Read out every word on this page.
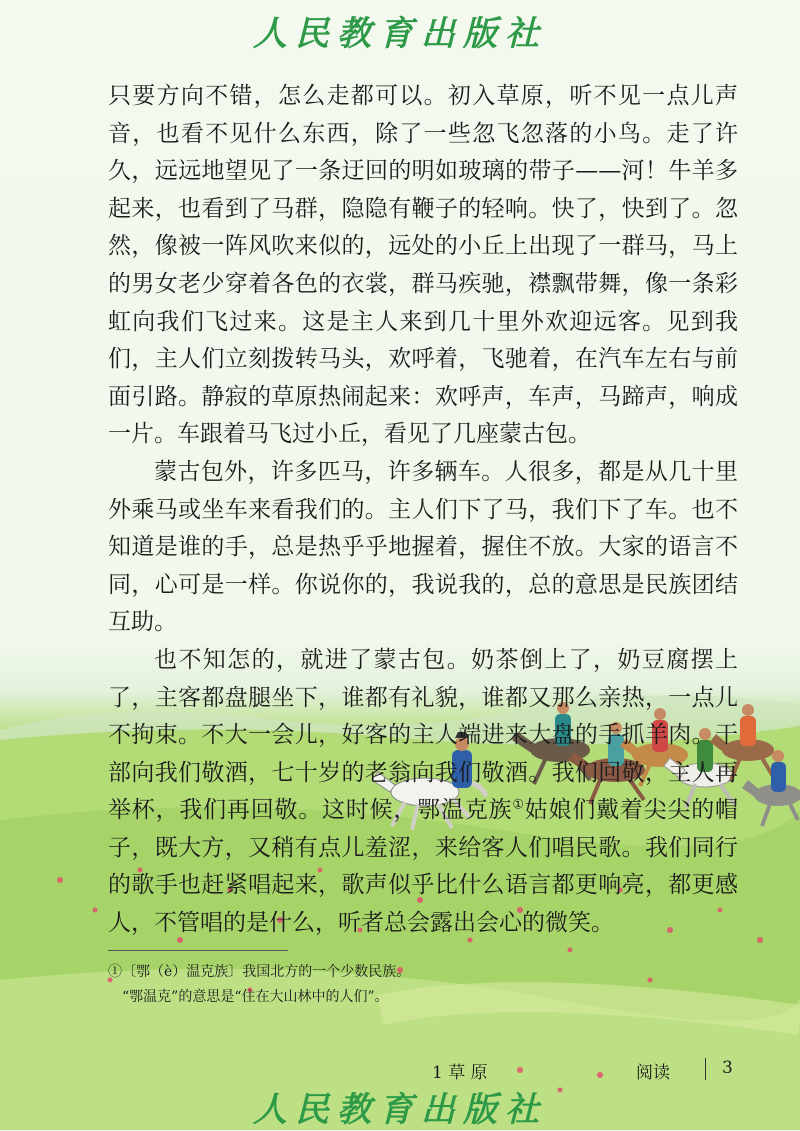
人民教育出版社

只要方向不错，怎么走都可以。初入草原，听不见一点儿声音，也看不见什么东西，除了一些忽飞忽落的小鸟。走了许久，远远地望见了一条迂回的明如玻璃的带子——河！牛羊多起来，也看到了马群，隐隐有鞭子的轻响。快了，快到了。忽然，像被一阵风吹来似的，远处的小丘上出现了一群马，马上的男女老少穿着各色的衣裳，群马疾驰，襟飘带舞，像一条彩虹向我们飞过来。这是主人来到几十里外欢迎远客。见到我们，主人们立刻拨转马头，欢呼着，飞驰着，在汽车左右与前面引路。静寂的草原热闹起来：欢呼声，车声，马蹄声，响成一片。车跟着马飞过小丘，看见了几座蒙古包。

蒙古包外，许多匹马，许多辆车。人很多，都是从几十里外乘马或坐车来看我们的。主人们下了马，我们下了车。也不知道是谁的手，总是热乎乎地握着，握住不放。大家的语言不同，心可是一样。你说你的，我说我的，总的意思是民族团结互助。

也不知怎的，就进了蒙古包。奶茶倒上了，奶豆腐摆上了，主客都盘腿坐下，谁都有礼貌，谁都又那么亲热，一点儿不拘束。不大一会儿，好客的主人端进来大盘的手抓羊肉。干部向我们敬酒，七十岁的老翁向我们敬酒。我们回敬，主人再举杯，我们再回敬。这时候，鄂温克族①姑娘们戴着尖尖的帽子，既大方，又稍有点儿羞涩，来给客人们唱民歌。我们同行的歌手也赶紧唱起来，歌声似乎比什么语言都更响亮，都更感人，不管唱的是什么，听者总会露出会心的微笑。

①〔鄂（è）温克族〕我国北方的一个少数民族。
“鄂温克”的意思是“住在大山林中的人们”。
1 草 原	阅读	3
人民教育出版社
